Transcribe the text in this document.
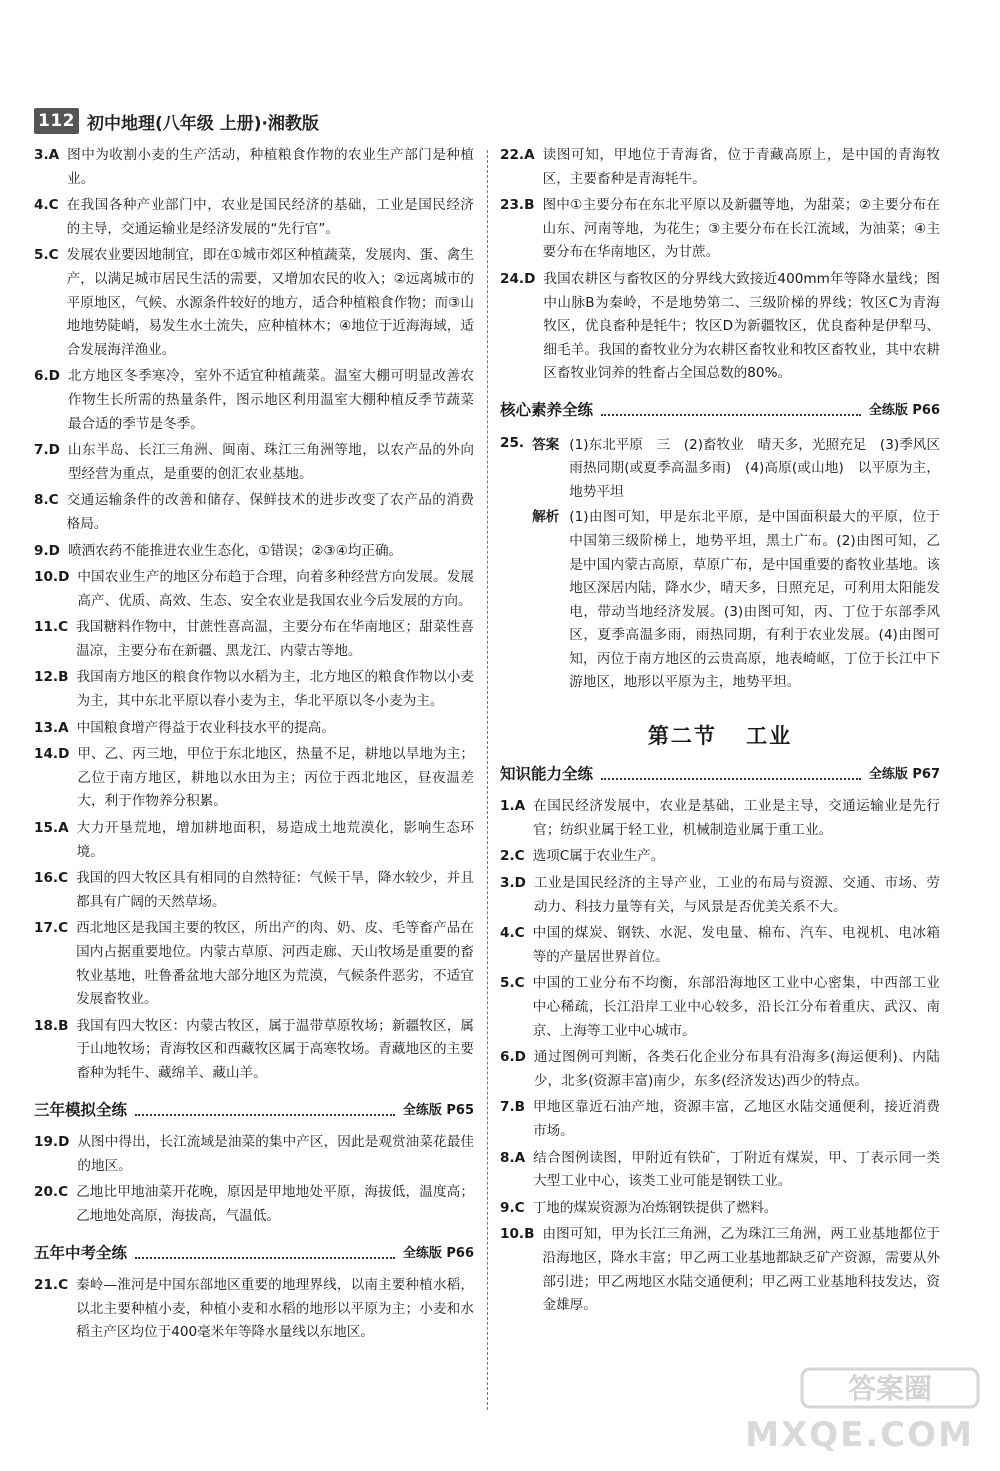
112 初中地理(八年级 上册)·湘教版
3.A 图中为收割小麦的生产活动，种植粮食作物的农业生产部门是种植业。
4.C 在我国各种产业部门中，农业是国民经济的基础，工业是国民经济的主导，交通运输业是经济发展的“先行官”。
5.C 发展农业要因地制宜，即在①城市郊区种植蔬菜，发展肉、蛋、禽生产，以满足城市居民生活的需要，又增加农民的收入；②远离城市的平原地区，气候、水源条件较好的地方，适合种植粮食作物；而③山地地势陡峭，易发生水土流失，应种植林木；④地位于近海海域，适合发展海洋渔业。
6.D 北方地区冬季寒冷，室外不适宜种植蔬菜。温室大棚可明显改善农作物生长所需的热量条件，图示地区利用温室大棚种植反季节蔬菜最合适的季节是冬季。
7.D 山东半岛、长江三角洲、闽南、珠江三角洲等地，以农产品的外向型经营为重点，是重要的创汇农业基地。
8.C 交通运输条件的改善和储存、保鲜技术的进步改变了农产品的消费格局。
9.D 喷洒农药不能推进农业生态化，①错误；②③④均正确。
10.D 中国农业生产的地区分布趋于合理，向着多种经营方向发展。发展高产、优质、高效、生态、安全农业是我国农业今后发展的方向。
11.C 我国糖料作物中，甘蔗性喜高温，主要分布在华南地区；甜菜性喜温凉，主要分布在新疆、黑龙江、内蒙古等地。
12.B 我国南方地区的粮食作物以水稻为主，北方地区的粮食作物以小麦为主，其中东北平原以春小麦为主，华北平原以冬小麦为主。
13.A 中国粮食增产得益于农业科技水平的提高。
14.D 甲、乙、丙三地，甲位于东北地区，热量不足，耕地以旱地为主；乙位于南方地区，耕地以水田为主；丙位于西北地区，昼夜温差大，利于作物养分积累。
15.A 大力开垦荒地，增加耕地面积，易造成土地荒漠化，影响生态环境。
16.C 我国的四大牧区具有相同的自然特征：气候干旱，降水较少，并且都具有广阔的天然草场。
17.C 西北地区是我国主要的牧区，所出产的肉、奶、皮、毛等畜产品在国内占据重要地位。内蒙古草原、河西走廊、天山牧场是重要的畜牧业基地，吐鲁番盆地大部分地区为荒漠，气候条件恶劣，不适宜发展畜牧业。
18.B 我国有四大牧区：内蒙古牧区，属于温带草原牧场；新疆牧区，属于山地牧场；青海牧区和西藏牧区属于高寒牧场。青藏地区的主要畜种为牦牛、藏绵羊、藏山羊。
三年模拟全练	全练版 P65
19.D 从图中得出，长江流域是油菜的集中产区，因此是观赏油菜花最佳的地区。
20.C 乙地比甲地油菜开花晚，原因是甲地地处平原，海拔低，温度高；乙地地处高原，海拔高，气温低。
五年中考全练	全练版 P66
21.C 秦岭—淮河是中国东部地区重要的地理界线，以南主要种植水稻，以北主要种植小麦，种植小麦和水稻的地形以平原为主；小麦和水稻主产区均位于400毫米年等降水量线以东地区。
22.A 读图可知，甲地位于青海省，位于青藏高原上，是中国的青海牧区，主要畜种是青海牦牛。
23.B 图中①主要分布在东北平原以及新疆等地，为甜菜；②主要分布在山东、河南等地，为花生；③主要分布在长江流域，为油菜；④主要分布在华南地区，为甘蔗。
24.D 我国农耕区与畜牧区的分界线大致接近400mm年等降水量线；图中山脉B为秦岭，不是地势第二、三级阶梯的界线；牧区C为青海牧区，优良畜种是牦牛；牧区D为新疆牧区，优良畜种是伊犁马、细毛羊。我国的畜牧业分为农耕区畜牧业和牧区畜牧业，其中农耕区畜牧业饲养的牲畜占全国总数的80%。
核心素养全练	全练版 P66
25. 答案 (1)东北平原　三　(2)畜牧业　晴天多，光照充足　(3)季风区　雨热同期(或夏季高温多雨)　(4)高原(或山地)　以平原为主，地势平坦
解析 (1)由图可知，甲是东北平原，是中国面积最大的平原，位于中国第三级阶梯上，地势平坦，黑土广布。(2)由图可知，乙是中国内蒙古高原，草原广布，是中国重要的畜牧业基地。该地区深居内陆，降水少，晴天多，日照充足，可利用太阳能发电，带动当地经济发展。(3)由图可知，丙、丁位于东部季风区，夏季高温多雨，雨热同期，有利于农业发展。(4)由图可知，丙位于南方地区的云贵高原，地表崎岖，丁位于长江中下游地区，地形以平原为主，地势平坦。
第二节 工业
知识能力全练	全练版 P67
1.A 在国民经济发展中，农业是基础，工业是主导，交通运输业是先行官；纺织业属于轻工业，机械制造业属于重工业。
2.C 选项C属于农业生产。
3.D 工业是国民经济的主导产业，工业的布局与资源、交通、市场、劳动力、科技力量等有关，与风景是否优美关系不大。
4.C 中国的煤炭、钢铁、水泥、发电量、棉布、汽车、电视机、电冰箱等的产量居世界首位。
5.C 中国的工业分布不均衡，东部沿海地区工业中心密集，中西部工业中心稀疏，长江沿岸工业中心较多，沿长江分布着重庆、武汉、南京、上海等工业中心城市。
6.D 通过图例可判断，各类石化企业分布具有沿海多(海运便利)、内陆少，北多(资源丰富)南少，东多(经济发达)西少的特点。
7.B 甲地区靠近石油产地，资源丰富，乙地区水陆交通便利，接近消费市场。
8.A 结合图例读图，甲附近有铁矿，丁附近有煤炭，甲、丁表示同一类大型工业中心，该类工业可能是钢铁工业。
9.C 丁地的煤炭资源为冶炼钢铁提供了燃料。
10.B 由图可知，甲为长江三角洲，乙为珠江三角洲，两工业基地都位于沿海地区，降水丰富；甲乙两工业基地都缺乏矿产资源，需要从外部引进；甲乙两地区水陆交通便利；甲乙两工业基地科技发达，资金雄厚。
答案圈
MXQE.COM
